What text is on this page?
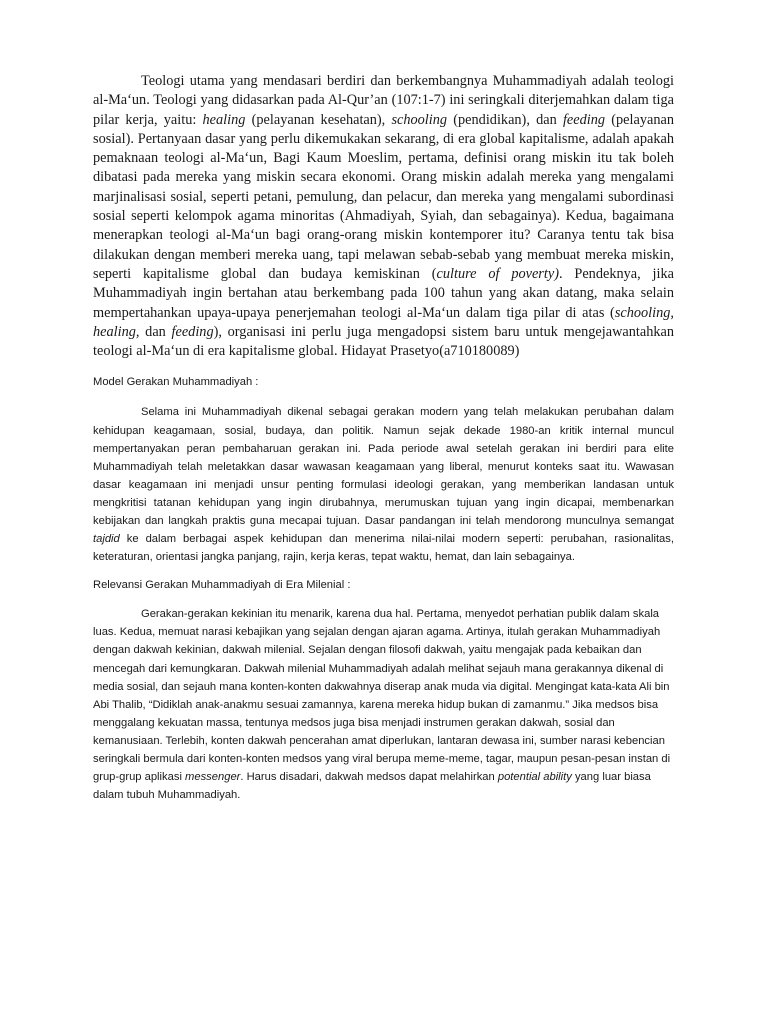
Teologi utama yang mendasari berdiri dan berkembangnya Muhammadiyah adalah teologi al-Ma‘un. Teologi yang didasarkan pada Al-Qur’an (107:1-7) ini seringkali diterjemahkan dalam tiga pilar kerja, yaitu: healing (pelayanan kesehatan), schooling (pendidikan), dan feeding (pelayanan sosial). Pertanyaan dasar yang perlu dikemukakan sekarang, di era global kapitalisme, adalah apakah pemaknaan teologi al-Ma‘un, Bagi Kaum Moeslim, pertama, definisi orang miskin itu tak boleh dibatasi pada mereka yang miskin secara ekonomi. Orang miskin adalah mereka yang mengalami marjinalisasi sosial, seperti petani, pemulung, dan pelacur, dan mereka yang mengalami subordinasi sosial seperti kelompok agama minoritas (Ahmadiyah, Syiah, dan sebagainya). Kedua, bagaimana menerapkan teologi al-Ma‘un bagi orang-orang miskin kontemporer itu? Caranya tentu tak bisa dilakukan dengan memberi mereka uang, tapi melawan sebab-sebab yang membuat mereka miskin, seperti kapitalisme global dan budaya kemiskinan (culture of poverty). Pendeknya, jika Muhammadiyah ingin bertahan atau berkembang pada 100 tahun yang akan datang, maka selain mempertahankan upaya-upaya penerjemahan teologi al-Ma‘un dalam tiga pilar di atas (schooling, healing, dan feeding), organisasi ini perlu juga mengadopsi sistem baru untuk mengejawantahkan teologi al-Ma‘un di era kapitalisme global. Hidayat Prasetyo(a710180089)

Model Gerakan Muhammadiyah :

Selama ini Muhammadiyah dikenal sebagai gerakan modern yang telah melakukan perubahan dalam kehidupan keagamaan, sosial, budaya, dan politik. Namun sejak dekade 1980-an kritik internal muncul mempertanyakan peran pembaharuan gerakan ini. Pada periode awal setelah gerakan ini berdiri para elite Muhammadiyah telah meletakkan dasar wawasan keagamaan yang liberal, menurut konteks saat itu. Wawasan dasar keagamaan ini menjadi unsur penting formulasi ideologi gerakan, yang memberikan landasan untuk mengkritisi tatanan kehidupan yang ingin dirubahnya, merumuskan tujuan yang ingin dicapai, membenarkan kebijakan dan langkah praktis guna mecapai tujuan. Dasar pandangan ini telah mendorong munculnya semangat tajdid ke dalam berbagai aspek kehidupan dan menerima nilai-nilai modern seperti: perubahan, rasionalitas, keteraturan, orientasi jangka panjang, rajin, kerja keras, tepat waktu, hemat, dan lain sebagainya.

Relevansi Gerakan Muhammadiyah di Era Milenial :

Gerakan-gerakan kekinian itu menarik, karena dua hal. Pertama, menyedot perhatian publik dalam skala luas. Kedua, memuat narasi kebajikan yang sejalan dengan ajaran agama. Artinya, itulah gerakan Muhammadiyah dengan dakwah kekinian, dakwah milenial. Sejalan dengan filosofi dakwah, yaitu mengajak pada kebaikan dan mencegah dari kemungkaran. Dakwah milenial Muhammadiyah adalah melihat sejauh mana gerakannya dikenal di media sosial, dan sejauh mana konten-konten dakwahnya diserap anak muda via digital. Mengingat kata-kata Ali bin Abi Thalib, “Didiklah anak-anakmu sesuai zamannya, karena mereka hidup bukan di zamanmu.” Jika medsos bisa menggalang kekuatan massa, tentunya medsos juga bisa menjadi instrumen gerakan dakwah, sosial dan kemanusiaan. Terlebih, konten dakwah pencerahan amat diperlukan, lantaran dewasa ini, sumber narasi kebencian seringkali bermula dari konten-konten medsos yang viral berupa meme-meme, tagar, maupun pesan-pesan instan di grup-grup aplikasi messenger. Harus disadari, dakwah medsos dapat melahirkan potential ability yang luar biasa dalam tubuh Muhammadiyah.
